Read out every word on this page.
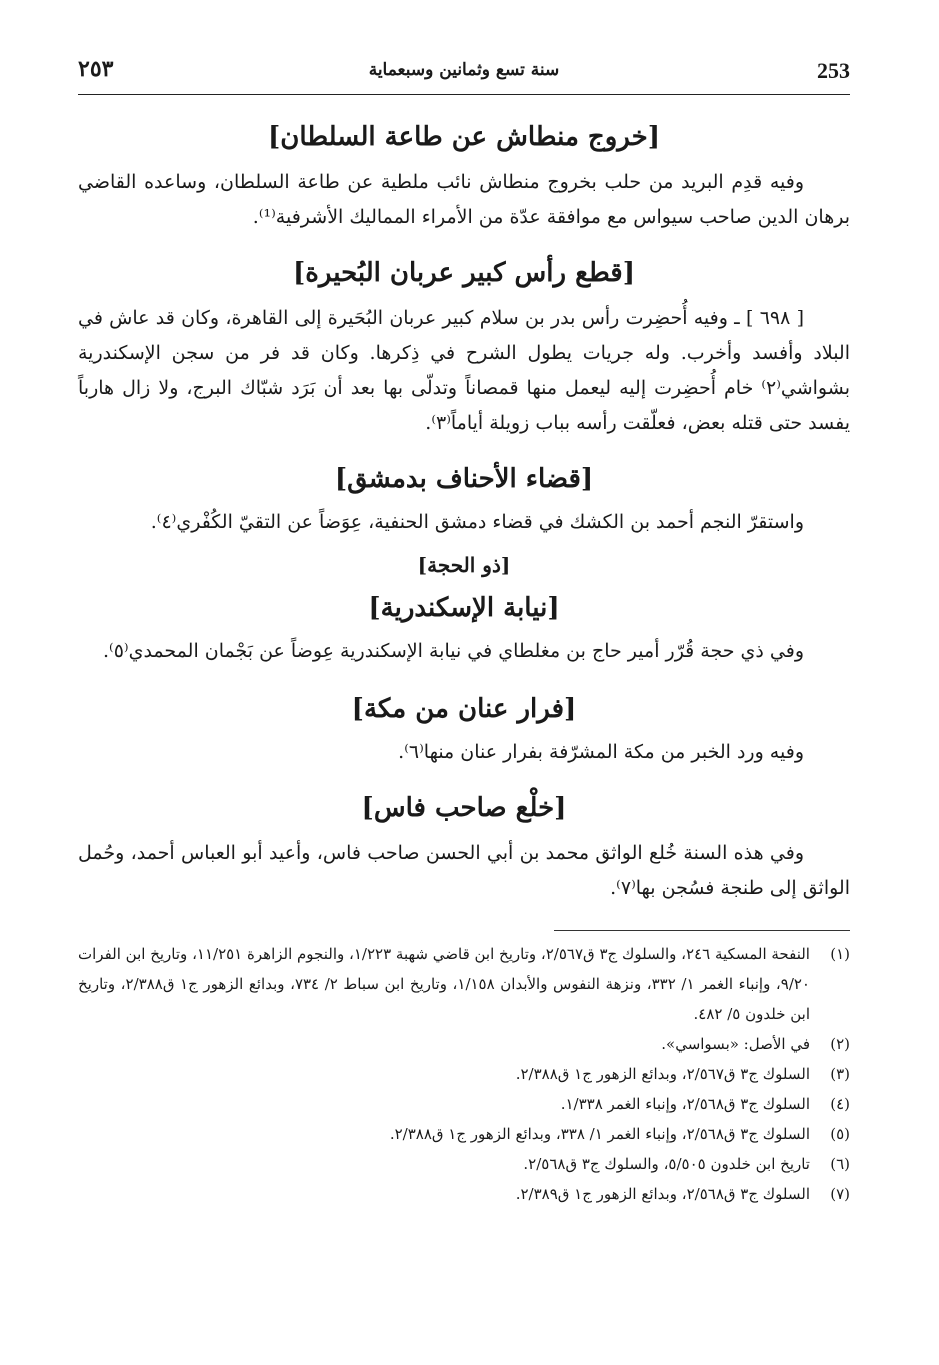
253
سنة تسع وثمانين وسبعماية
٢٥٣
[خروج منطاش عن طاعة السلطان]

وفيه قدِم البريد من حلب بخروج منطاش نائب ملطية عن طاعة السلطان، وساعده القاضي برهان الدين صاحب سيواس مع موافقة عدّة من الأمراء المماليك الأشرفية⁽¹⁾.

[قطع رأس كبير عربان البُحيرة]

[ ٦٩٨ ] ـ وفيه أُحضِرت رأس بدر بن سلام كبير عربان البُحَيرة إلى القاهرة، وكان قد عاش في البلاد وأفسد وأخرب. وله جريات يطول الشرح في ذِكرها. وكان قد فر من سجن الإسكندرية بشواشي⁽٢⁾ خام أُحضِرت إليه ليعمل منها قمصاناً وتدلّى بها بعد أن بَرَد شبّاك البرج، ولا زال هارباً يفسد حتى قتله بعض، فعلّقت رأسه بباب زويلة أياماً⁽٣⁾.

[قضاء الأحناف بدمشق]

واستقرّ النجم أحمد بن الكشك في قضاء دمشق الحنفية، عِوَضاً عن التقيّ الكُفْري⁽٤⁾.

[ذو الحجة]
[نيابة الإسكندرية]

وفي ذي حجة قُرّر أمير حاج بن مغلطاي في نيابة الإسكندرية عِوضاً عن بَجْمان المحمدي⁽٥⁾.

[فرار عنان من مكة]

وفيه ورد الخبر من مكة المشرّفة بفرار عنان منها⁽٦⁾.

[خلْع صاحب فاس]

وفي هذه السنة خُلع الواثق محمد بن أبي الحسن صاحب فاس، وأعيد أبو العباس أحمد، وحُمل الواثق إلى طنجة فسُجن بها⁽٧⁾.

(١)
النفحة المسكية ٢٤٦، والسلوك ج٣ ق٢/٥٦٧، وتاريخ ابن قاضي شهبة ١/٢٢٣، والنجوم الزاهرة ١١/٢٥١، وتاريخ ابن الفرات ٩/٢٠، وإنباء الغمر ١/ ٣٣٢، ونزهة النفوس والأبدان ١/١٥٨، وتاريخ ابن سباط ٢/ ٧٣٤، وبدائع الزهور ج١ ق٢/٣٨٨، وتاريخ ابن خلدون ٥/ ٤٨٢.
(٢)
في الأصل: «بسواسي».
(٣)
السلوك ج٣ ق٢/٥٦٧، وبدائع الزهور ج١ ق٢/٣٨٨.
(٤)
السلوك ج٣ ق٢/٥٦٨، وإنباء الغمر ١/٣٣٨.
(٥)
السلوك ج٣ ق٢/٥٦٨، وإنباء الغمر ١/ ٣٣٨، وبدائع الزهور ج١ ق٢/٣٨٨.
(٦)
تاريخ ابن خلدون ٥/٥٠٥، والسلوك ج٣ ق٢/٥٦٨.
(٧)
السلوك ج٣ ق٢/٥٦٨، وبدائع الزهور ج١ ق٢/٣٨٩.
